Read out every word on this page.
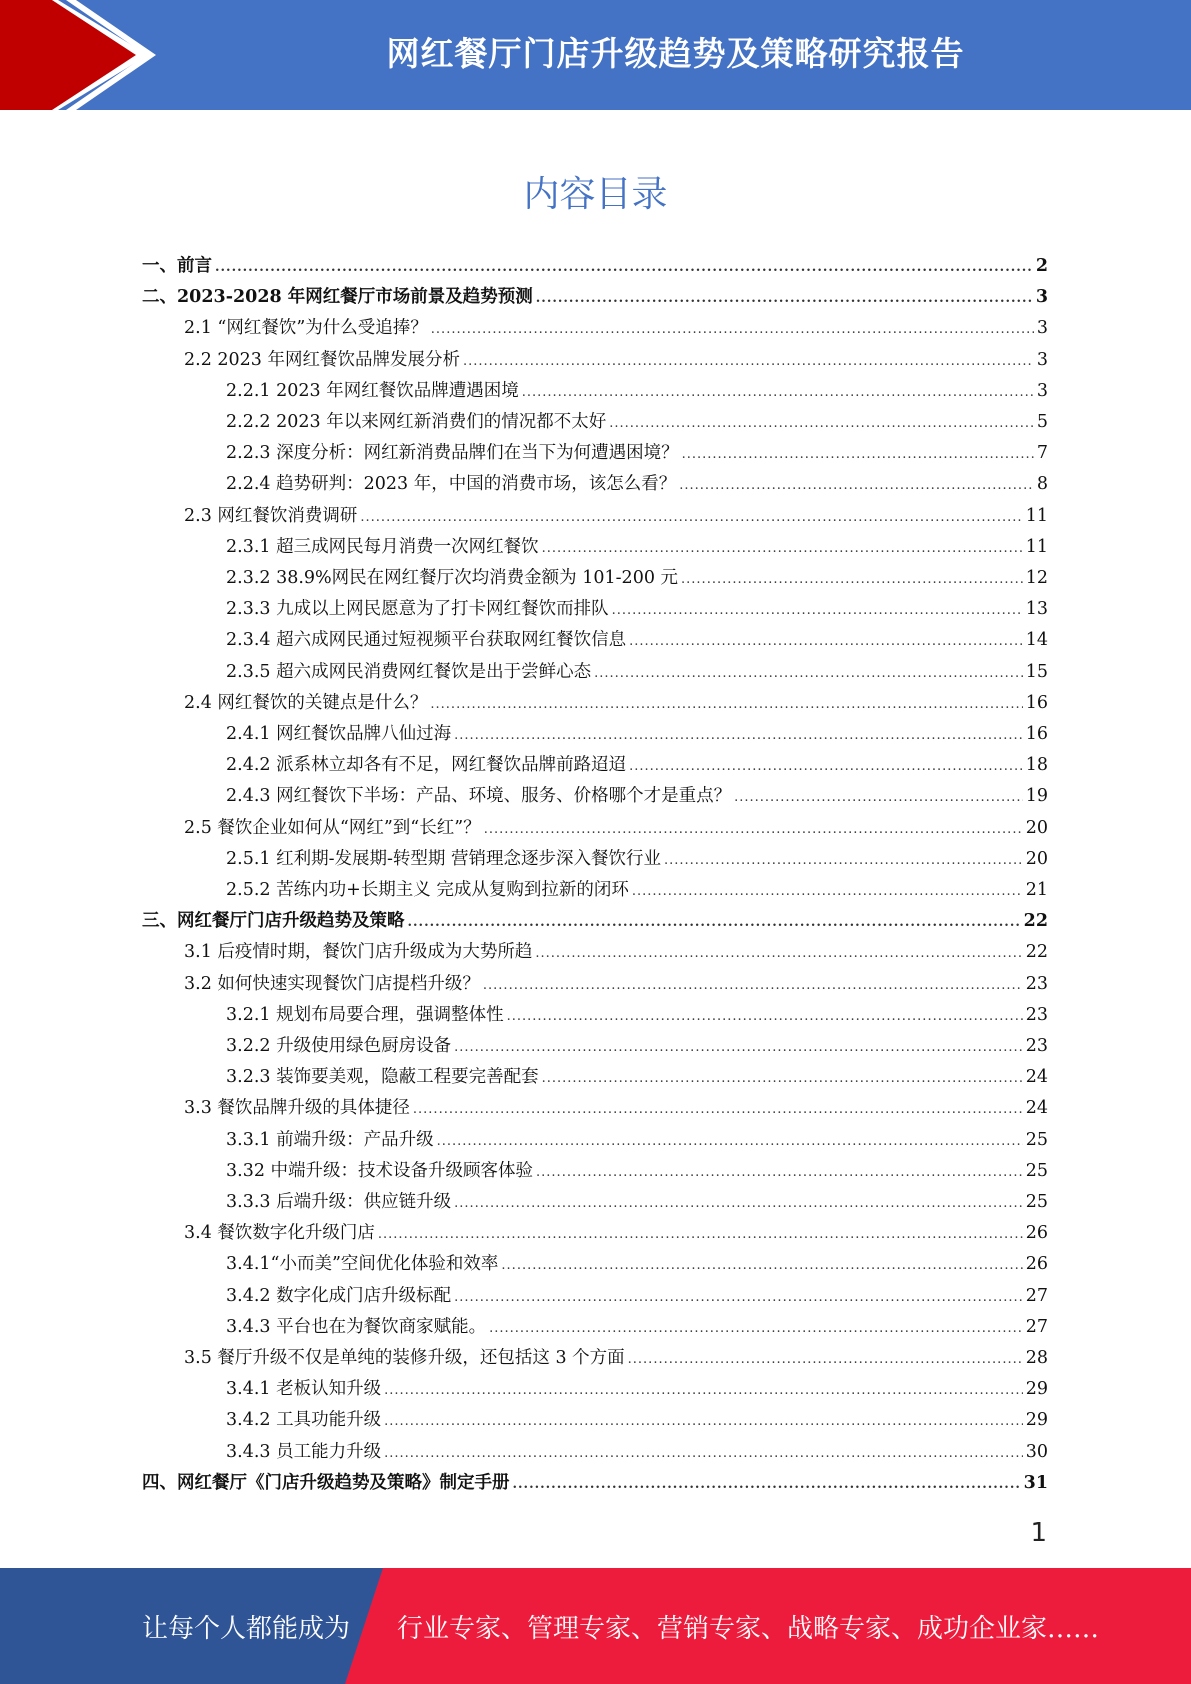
网红餐厅门店升级趋势及策略研究报告
内容目录
一、前言 .....	2
二、2023-2028 年网红餐厅市场前景及趋势预测 .....	3
2.1 “网红餐饮”为什么受追捧？ .....	3
2.2 2023 年网红餐饮品牌发展分析 .....	3
2.2.1 2023 年网红餐饮品牌遭遇困境 .....	3
2.2.2 2023 年以来网红新消费们的情况都不太好 .....	5
2.2.3 深度分析：网红新消费品牌们在当下为何遭遇困境？ .....	7
2.2.4 趋势研判：2023 年，中国的消费市场，该怎么看？ .....	8
2.3 网红餐饮消费调研 .....	11
2.3.1 超三成网民每月消费一次网红餐饮 .....	11
2.3.2 38.9%网民在网红餐厅次均消费金额为 101-200 元 .....	12
2.3.3 九成以上网民愿意为了打卡网红餐饮而排队 .....	13
2.3.4 超六成网民通过短视频平台获取网红餐饮信息 .....	14
2.3.5 超六成网民消费网红餐饮是出于尝鲜心态 .....	15
2.4 网红餐饮的关键点是什么？ .....	16
2.4.1 网红餐饮品牌八仙过海 .....	16
2.4.2 派系林立却各有不足，网红餐饮品牌前路迢迢 .....	18
2.4.3 网红餐饮下半场：产品、环境、服务、价格哪个才是重点？ .....	19
2.5 餐饮企业如何从“网红”到“长红”？ .....	20
2.5.1 红利期-发展期-转型期 营销理念逐步深入餐饮行业 .....	20
2.5.2 苦练内功+长期主义 完成从复购到拉新的闭环 .....	21
三、网红餐厅门店升级趋势及策略 .....	22
3.1 后疫情时期，餐饮门店升级成为大势所趋 .....	22
3.2 如何快速实现餐饮门店提档升级？ .....	23
3.2.1 规划布局要合理，强调整体性 .....	23
3.2.2 升级使用绿色厨房设备 .....	23
3.2.3 装饰要美观，隐蔽工程要完善配套 .....	24
3.3 餐饮品牌升级的具体捷径 .....	24
3.3.1 前端升级：产品升级 .....	25
3.32 中端升级：技术设备升级顾客体验 .....	25
3.3.3 后端升级：供应链升级 .....	25
3.4 餐饮数字化升级门店 .....	26
3.4.1“小而美”空间优化体验和效率 .....	26
3.4.2 数字化成门店升级标配 .....	27
3.4.3 平台也在为餐饮商家赋能。 .....	27
3.5 餐厅升级不仅是单纯的装修升级，还包括这 3 个方面 .....	28
3.4.1 老板认知升级 .....	29
3.4.2 工具功能升级 .....	29
3.4.3 员工能力升级 .....	30
四、网红餐厅《门店升级趋势及策略》制定手册 .....	31
1
让每个人都能成为 行业专家、管理专家、营销专家、战略专家、成功企业家……
